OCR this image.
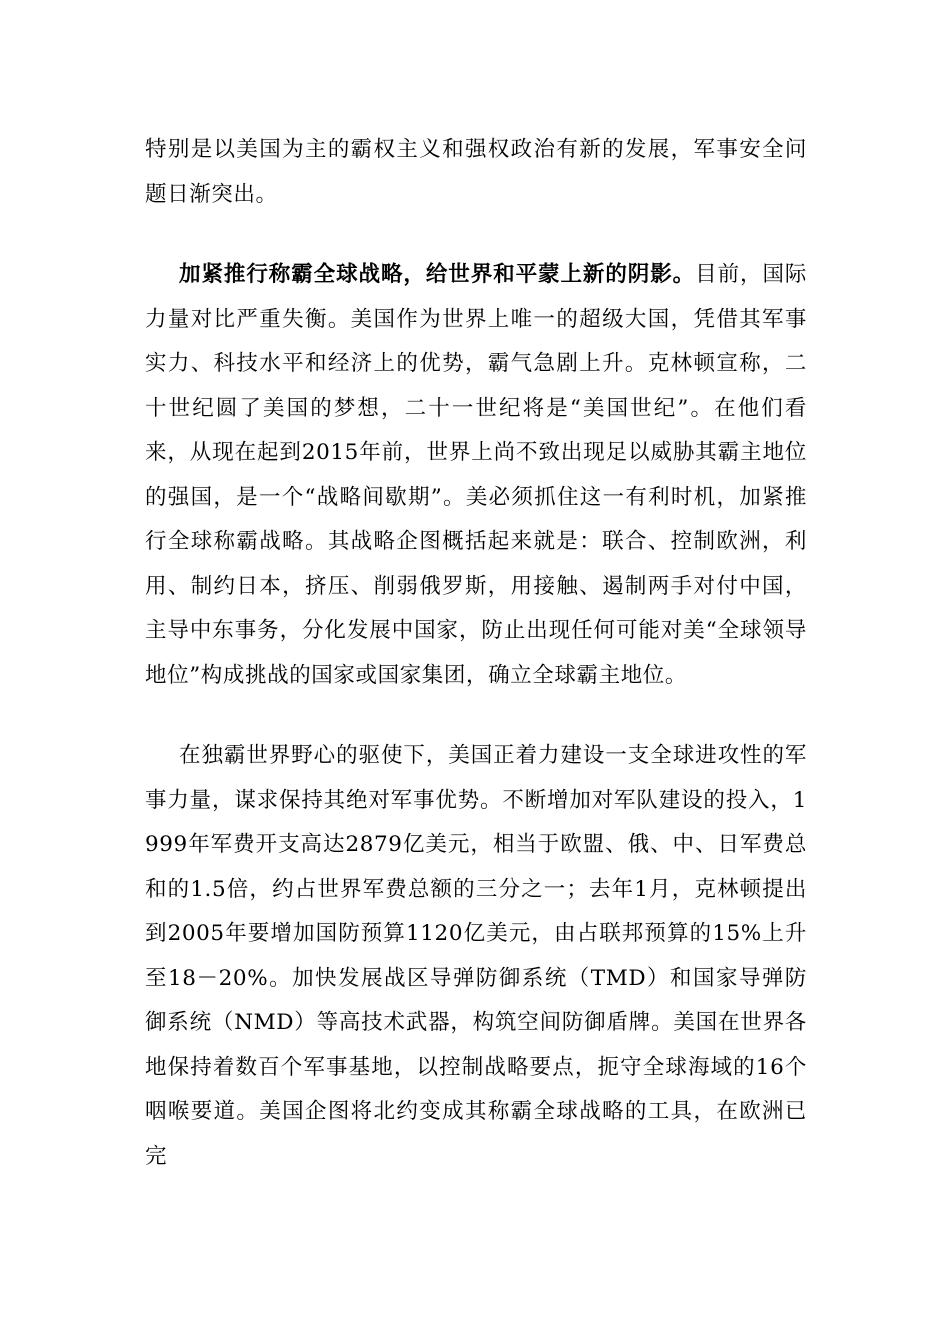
特别是以美国为主的霸权主义和强权政治有新的发展，军事安全问题日渐突出。

加紧推行称霸全球战略，给世界和平蒙上新的阴影。目前，国际力量对比严重失衡。美国作为世界上唯一的超级大国，凭借其军事实力、科技水平和经济上的优势，霸气急剧上升。克林顿宣称，二十世纪圆了美国的梦想，二十一世纪将是“美国世纪”。在他们看来，从现在起到2015年前，世界上尚不致出现足以威胁其霸主地位的强国，是一个“战略间歇期”。美必须抓住这一有利时机，加紧推行全球称霸战略。其战略企图概括起来就是：联合、控制欧洲，利用、制约日本，挤压、削弱俄罗斯，用接触、遏制两手对付中国，主导中东事务，分化发展中国家，防止出现任何可能对美“全球领导地位”构成挑战的国家或国家集团，确立全球霸主地位。

在独霸世界野心的驱使下，美国正着力建设一支全球进攻性的军事力量，谋求保持其绝对军事优势。不断增加对军队建设的投入，1999年军费开支高达2879亿美元，相当于欧盟、俄、中、日军费总和的1.5倍，约占世界军费总额的三分之一；去年1月，克林顿提出到2005年要增加国防预算1120亿美元，由占联邦预算的15%上升至18－20%。加快发展战区导弹防御系统（TMD）和国家导弹防御系统（NMD）等高技术武器，构筑空间防御盾牌。美国在世界各地保持着数百个军事基地，以控制战略要点，扼守全球海域的16个咽喉要道。美国企图将北约变成其称霸全球战略的工具，在欧洲已完
